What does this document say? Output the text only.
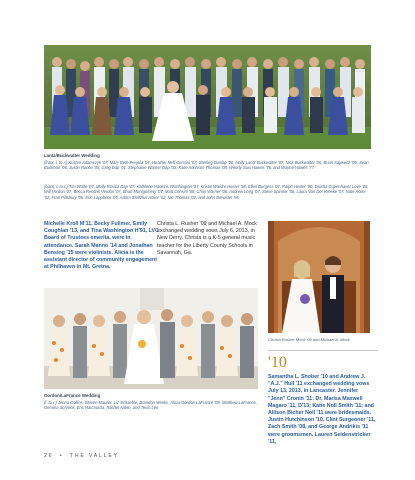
Lantz/Buckwalter Wedding
(front, l. to r.) Kristen Adamczyk '07, Mary Beth Penjola '07, Heather Neff Censini '07, Sterling Dunlap '06, Holly Lantz Buckwalter '07, Nick Buckwalter '05, Brian Sajewicz '05, Sean Bunkhart '06, Justin Rance '05, Greg Dap '01, Stephanie Warner Dap '03, Katie Atkinson Thomas '08, Wendy Susi Hawes '76, and Wayne Hawes '77
(back, l. to r.) Tim Wolfe '07, Molly Rosica Dap '07, Kathlene Hankins Worthington '07, Kristin Waldre Hester '98, Ellen Burgess '07, Ralph Hester '90, Daisha Copenhaver Love '06, Will Verdon '07, Becca Rentzel Verdon '07, Brian Montgomery '07, Matt Censini '08, Chris Warner '06, Andrew Long '07, Steve Spinner '06, Laura Van Der Kreeke '07, Nate Acker '02, Fran Pillsbury '06, Eric Lappbeck '05, Adam Stoltzfus Acker '02, Nic Thomas '02, and John Brewster '96
Michelle Kroll M'11, Becky Fullmer, Emily Coughlan '13, and Tina Washington H'91, LVC Board of Trustees emerita, were in attendance. Sarah Manno '14 and Jonathan Bensing '15 were violinists. Alicia is the assistant director of community engagement at Philhaven in Mt. Gretna.
Christa L. Rusher '09 and Michael A. Mock exchanged wedding vows July 6, 2013, in New Derry. Christa is a K-5 general music teacher for the Liberty County Schools in Savannah, Ga.
Christa Rusher Mock '09 and Michael A. Mock
Gordon/LaFrance Wedding
(l. to r.) Jenna Collins, Steven Maurer, Liz Schaeble, Brandon Meeks, Alicia Gordon LaFrance '09, Matthew LaFrance, Gemma Schreck, Eric Harcnurda, Rachel Alden, and Tevin Lee
'10
Samantha L. Shober '10 and Andrew J. "A.J." Hull '11 exchanged wedding vows July 13, 2013, in Lancaster. Jennifer "Jenn" Cronin '11; Dr. Marisa Maxwell Magaro '11, D'13; Katie Noll Smith '11; and Allison Bicher Noll '11 were bridesmaids. Justin Hutchinson '10, Clint Surgeoner '11, Zach Smith '08, and George Andrikis '11 were groomsmen. Lauren Seidenstricker '11,
26 • THE VALLEY
